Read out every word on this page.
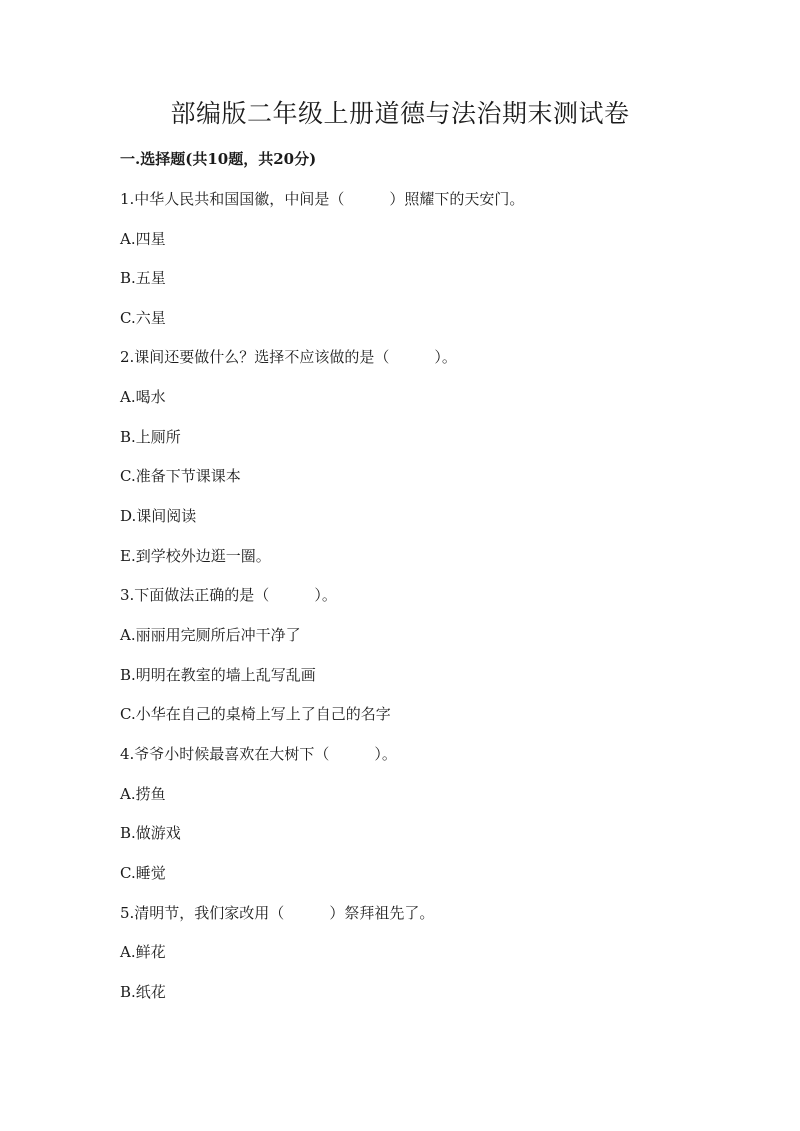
部编版二年级上册道德与法治期末测试卷
一.选择题(共10题，共20分)
1.中华人民共和国国徽，中间是（　　　）照耀下的天安门。
A.四星
B.五星
C.六星
2.课间还要做什么？选择不应该做的是（　　　）。
A.喝水
B.上厕所
C.准备下节课课本
D.课间阅读
E.到学校外边逛一圈。
3.下面做法正确的是（　　　）。
A.丽丽用完厕所后冲干净了
B.明明在教室的墙上乱写乱画
C.小华在自己的桌椅上写上了自己的名字
4.爷爷小时候最喜欢在大树下（　　　）。
A.捞鱼
B.做游戏
C.睡觉
5.清明节，我们家改用（　　　）祭拜祖先了。
A.鲜花
B.纸花
